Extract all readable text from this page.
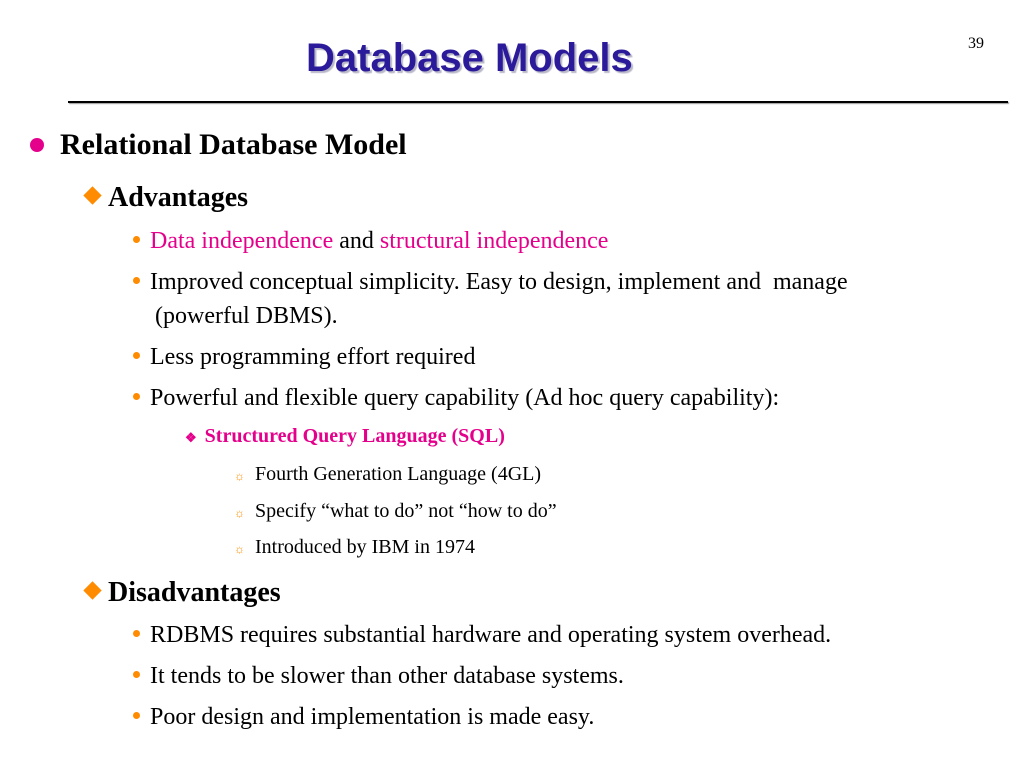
Database Models	39
Relational Database Model
Advantages
Data independence and structural independence
Improved conceptual simplicity. Easy to design, implement and  manage
(powerful DBMS).
Less programming effort required
Powerful and flexible query capability (Ad hoc query capability):
❖ Structured Query Language (SQL)
☼ Fourth Generation Language (4GL)
☼ Specify “what to do” not “how to do”
☼ Introduced by IBM in 1974
Disadvantages
RDBMS requires substantial hardware and operating system overhead.
It tends to be slower than other database systems.
Poor design and implementation is made easy.
